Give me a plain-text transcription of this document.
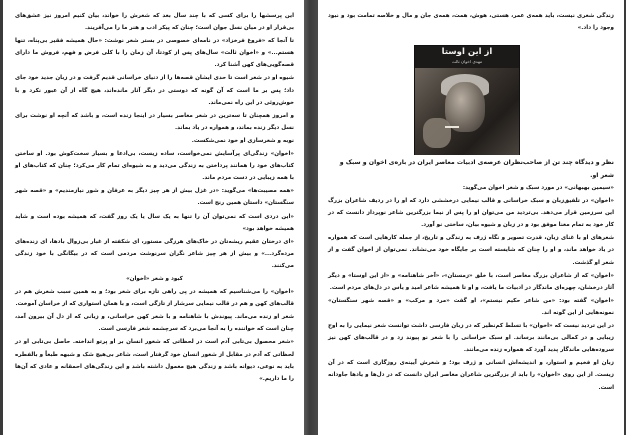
این پرسشها را برای کسی که با چند سال بعد که شعرش را خواند، بیان کنیم امروز نیز عشق‌های بی‌قرار او در میان نسل جوان است؛ چنان که پیکر ادب و هنر ما را می‌آفریند.

تا آنجا که «فروغ فرخزاد» در نامه‌ای خصوصی در بستر شعر نوشت: «حال همیشه فقیر بی‌پناه، تنها هستم...» و «اخوان ثالث» سال‌های پس از کودتا، آن زمان را با کلی فرض و فهم، فروش ما دارای قصه‌گویی‌های کهن آشنا کرد.

شیوه او در شعر است تا حدی ایشان قصه‌ها را از دنیای خراسانی قدیم گرفت و در زبان جدید خود جای داد؛ پس بر ما است که آن گونه که دوستی در دیگر آثار مانده‌اند، هیچ گاه از آن عبور نکرد و با خوش‌روئی در این راه نمی‌ماند.

و امروز همچنان تا سه‌ترین در شعر معاصر بسیار در اینجا زنده است، و باشد که آنچه او نوشت برای نسل دیگر زنده بماند، و همواره در یاد بماند.

نوبه و شعرسازی او خود نمی‌شکست.

«اخوان» زندگی‌ای پرآسایش نمی‌خواست، ساده زیست، بی‌ادعا و بسیار سخت‌کوش بود. او ساختن کتاب‌های خود را همانند پرداختن به زندگی می‌دید و به شیوه‌ای تمام کار می‌کرد؛ چنان که کتاب‌های او با همه زیبایی در دست مردم ماند.

«همه مصیبت‌ها» می‌گوید: «در غزل بیش از هر چیز دیگر به عرفان و شور نیازمندیم» و «قصه شهر سنگستان» داستان همین رنج است.

«این دردی است که نمی‌توان آن را تنها به یک سال یا یک روز گفت، که همیشه بوده است و شاید همیشه خواهد بود»

«ای درختان عقیم ریشه‌تان در خاک‌های هرزگی مستور، ای شکفته از غبار بی‌زوال بادها، ای زنده‌های مرده‌گرد...» و بیش از هر چیز شاعر نگران سرنوشت مردمی است که در بیگانگی با خود زندگی می‌کنند.

کبود و شعر «اخوان»

«اخوان» را می‌شناسیم که همیشه در پی راهی تازه برای شعر بود؛ و به همین سبب شعرش هم در قالب‌های کهن و هم در قالب نیمایی سرشار از تازگی است، و با همان استواری که از خراسان آموخت.

شعر او زنده می‌ماند. پیوندش با شاهنامه و با شعر کهن خراسانی، و زبانی که از دل آن بیرون آمد، چنان است که خواننده را به آنجا می‌برد که سرچشمه شعر فارسی است.

«شعر محصول بی‌تابی آدم است در لحظاتی که شعور انسان بر او پرتو انداخته. حاصل بی‌تابی او در لحظاتی که آدم در مقابل از شعور انسان خود گرفتار است، شاعر بی‌هیچ شک و شبهه طبعاً و بالفطره باید به نوعی، دیوانه باشد و زندگی هیچ معمول داشته باشد و این زندگی‌های احمقانه و عادی که آن‌ها را ما داریم.»

زندگی شعری نیست، باید همه‌ی عمر، هستی، هوش، همت، همه‌ی جان و مال و خلاصه تمامت بود و نبود وجود را داد.»

از این اوستا
مهدی اخوان ثالث

نظر و دیدگاه چند تن از صاحب‌نظران عرصه‌ی ادبیات معاصر ایران در باره‌ی اخوان و سبک و شعر او.

«سیمین بهبهانی» در مورد سبک و شعر اخوان می‌گوید:

«اخوان» در تلفیق‌زبان و سبک خراسانی و قالب نیمایی درخششی دارد که او را در ردیف شاعران بزرگ این سرزمین قرار می‌دهد. بی‌تردید من می‌توان او را پس از نیما بزرگترین شاعر نوپرداز دانست که در کار خود به تمام معنا موفق بود و در زبان و شیوه بیان، ساختی نو آورد.

شعرهای او با غنای زبان، قدرت تصویر و نگاه ژرف به زندگی و تاریخ، از جمله کارهایی است که همواره در یاد خواهد ماند، و او را چنان که شایسته است بر جایگاه خود می‌نشاند. نمی‌توان از اخوان گفت و از شعر او گذشت.

«اخوان» که از شاعران بزرگ معاصر است، با خلق «زمستان»، «آخر شاهنامه» و «از این اوستا» و دیگر آثار درخشان، چهره‌ای ماندگار در ادبیات ما یافت، و او تا همیشه شاعر امید و یأس در دل‌های مردم است.

«اخوان» گفته بود: «من شاعر حکیم نیستم»، او گفت «مرد و مرکب» و «قصه شهر سنگستان» نمونه‌هایی از این گونه اند.

در این تردید نیست که «اخوان» با تسلط کم‌نظیر که در زبان فارسی داشت توانست شعر نیمایی را به اوج زیبایی و در کمالی بی‌مانند برساند. او سبک خراسانی را با شعر نو پیوند زد و در قالب‌های کهن نیز سروده‌هایی ماندگار پدید آورد که همواره زنده می‌مانند.

زبان او فخیم و استوار، و اندیشه‌اش انسانی و ژرف بود؛ و شعرش آیینه‌ی روزگاری است که در آن زیست. از این روی «اخوان» را باید از بزرگترین شاعران معاصر ایران دانست که در دل‌ها و یادها جاودانه است.
